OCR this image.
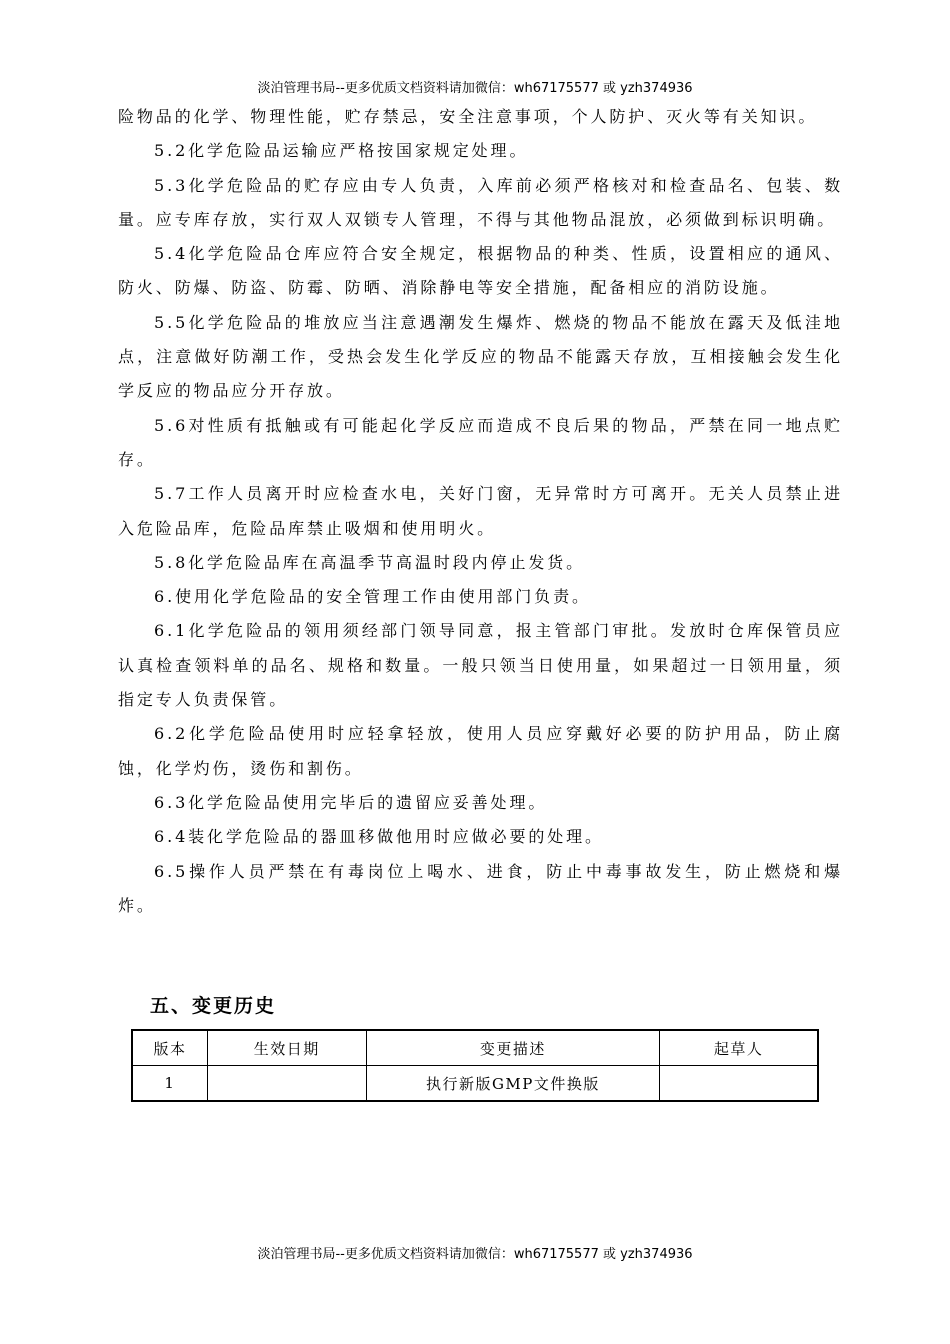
淡泊管理书局--更多优质文档资料请加微信：wh67175577 或 yzh374936

险物品的化学、物理性能，贮存禁忌，安全注意事项，个人防护、灭火等有关知识。

5.2化学危险品运输应严格按国家规定处理。

5.3化学危险品的贮存应由专人负责，入库前必须严格核对和检查品名、包装、数量。应专库存放，实行双人双锁专人管理，不得与其他物品混放，必须做到标识明确。

5.4化学危险品仓库应符合安全规定，根据物品的种类、性质，设置相应的通风、防火、防爆、防盗、防霉、防晒、消除静电等安全措施，配备相应的消防设施。

5.5化学危险品的堆放应当注意遇潮发生爆炸、燃烧的物品不能放在露天及低洼地点，注意做好防潮工作，受热会发生化学反应的物品不能露天存放，互相接触会发生化学反应的物品应分开存放。

5.6对性质有抵触或有可能起化学反应而造成不良后果的物品，严禁在同一地点贮存。

5.7工作人员离开时应检查水电，关好门窗，无异常时方可离开。无关人员禁止进入危险品库，危险品库禁止吸烟和使用明火。

5.8化学危险品库在高温季节高温时段内停止发货。

6.使用化学危险品的安全管理工作由使用部门负责。

6.1化学危险品的领用须经部门领导同意，报主管部门审批。发放时仓库保管员应认真检查领料单的品名、规格和数量。一般只领当日使用量，如果超过一日领用量，须指定专人负责保管。

6.2化学危险品使用时应轻拿轻放，使用人员应穿戴好必要的防护用品，防止腐蚀，化学灼伤，烫伤和割伤。

6.3化学危险品使用完毕后的遗留应妥善处理。

6.4装化学危险品的器皿移做他用时应做必要的处理。

6.5操作人员严禁在有毒岗位上喝水、进食，防止中毒事故发生，防止燃烧和爆炸。

五、变更历史
版本	生效日期	变更描述	起草人
1		执行新版GMP文件换版	
淡泊管理书局--更多优质文档资料请加微信：wh67175577 或 yzh374936
